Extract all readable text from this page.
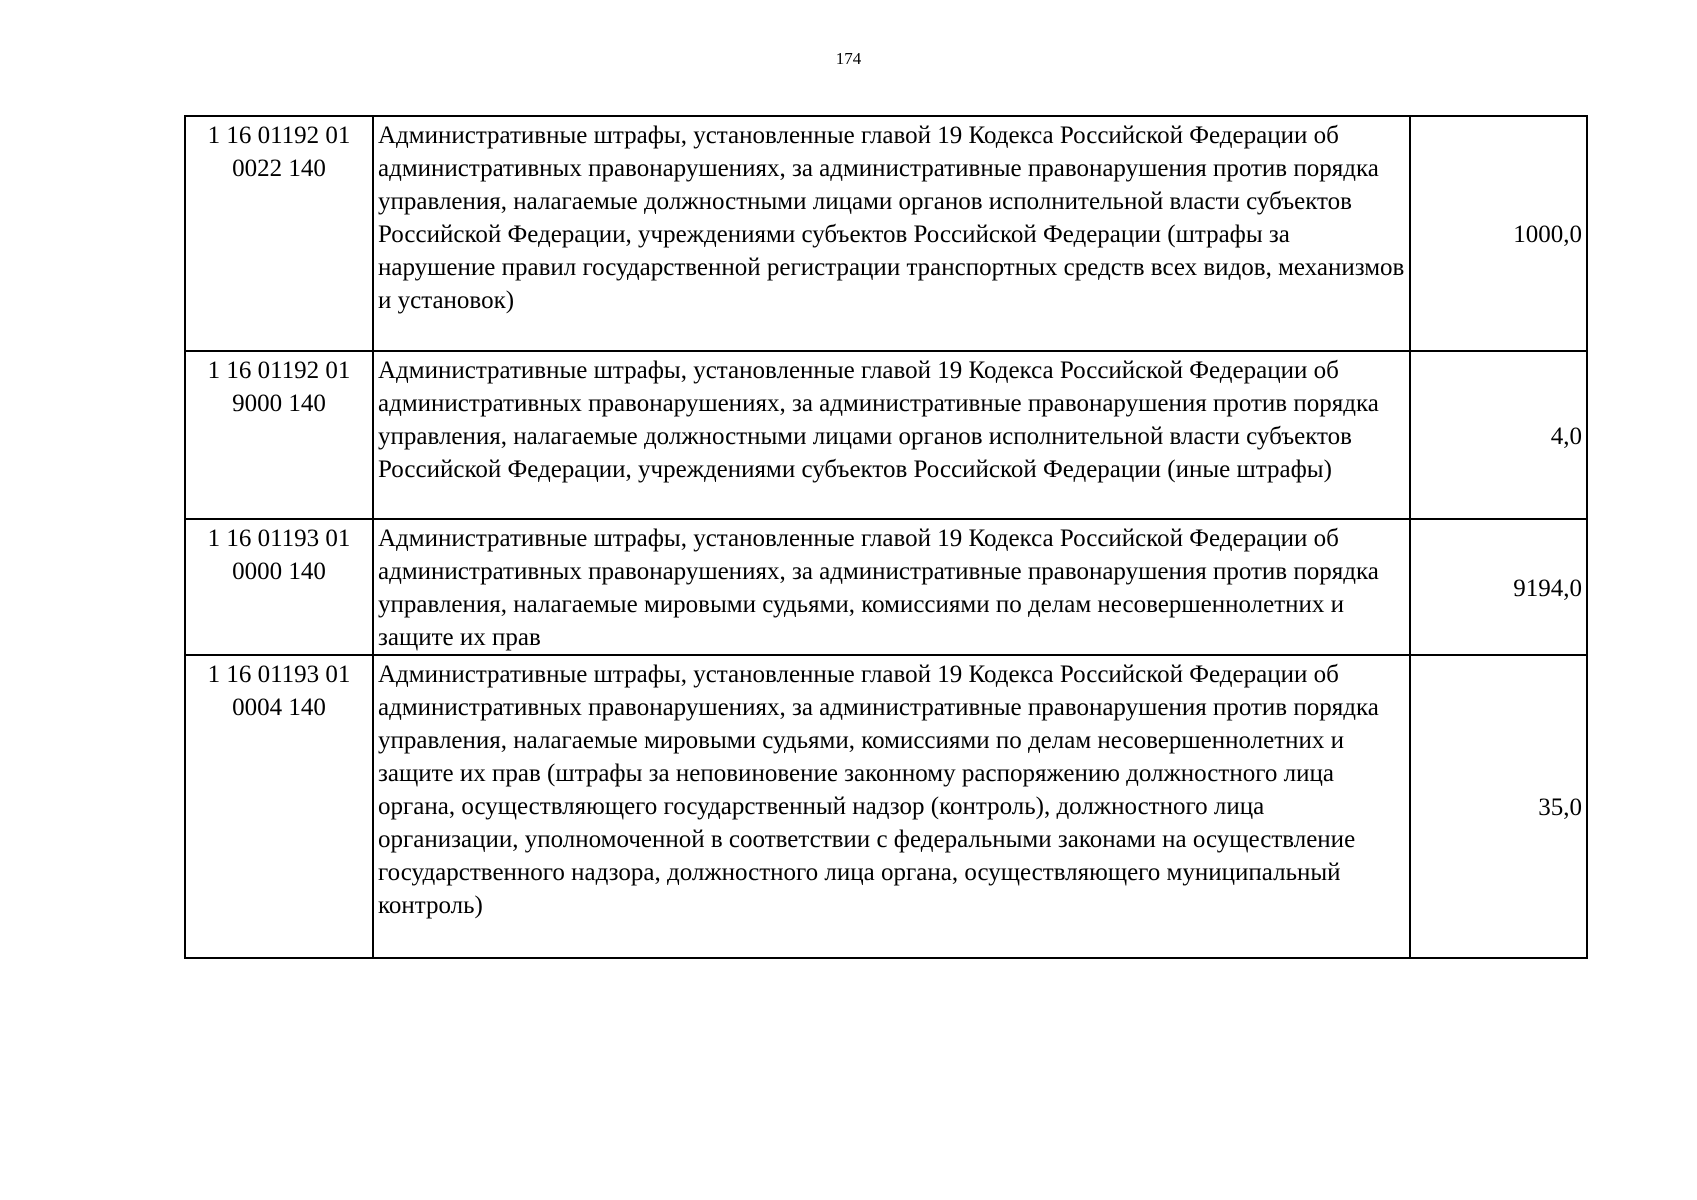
174
1 16 01192 01
0022 140	Административные штрафы, установленные главой 19 Кодекса Российской Федерации об административных правонарушениях, за административные правонарушения против порядка управления, налагаемые должностными лицами органов исполнительной власти субъектов Российской Федерации, учреждениями субъектов Российской Федерации (штрафы за нарушение правил государственной регистрации транспортных средств всех видов, механизмов и установок)	1000,0

1 16 01192 01
9000 140	Административные штрафы, установленные главой 19 Кодекса Российской Федерации об административных правонарушениях, за административные правонарушения против порядка управления, налагаемые должностными лицами органов исполнительной власти субъектов Российской Федерации, учреждениями субъектов Российской Федерации (иные штрафы)	4,0

1 16 01193 01
0000 140	Административные штрафы, установленные главой 19 Кодекса Российской Федерации об административных правонарушениях, за административные правонарушения против порядка управления, налагаемые мировыми судьями, комиссиями по делам несовершеннолетних и защите их прав	9194,0

1 16 01193 01
0004 140	Административные штрафы, установленные главой 19 Кодекса Российской Федерации об административных правонарушениях, за административные правонарушения против порядка управления, налагаемые мировыми судьями, комиссиями по делам несовершеннолетних и защите их прав (штрафы за неповиновение законному распоряжению должностного лица органа, осуществляющего государственный надзор (контроль), должностного лица организации, уполномоченной в соответствии с федеральными законами на осуществление государственного надзора, должностного лица органа, осуществляющего муниципальный контроль)	35,0
